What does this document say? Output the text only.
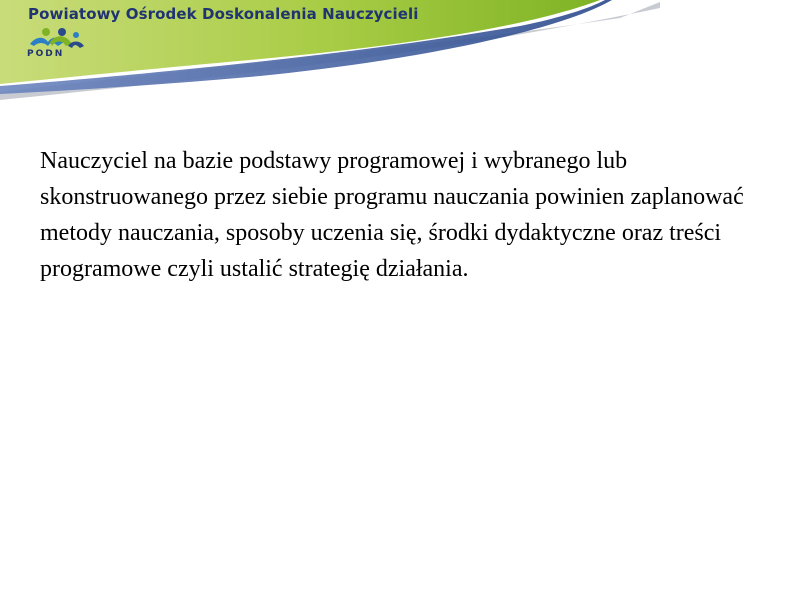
Powiatowy Ośrodek Doskonalenia Nauczycieli
PODN
Nauczyciel na bazie podstawy programowej i wybranego lub skonstruowanego przez siebie programu nauczania powinien zaplanować metody nauczania, sposoby uczenia się, środki dydaktyczne oraz treści programowe czyli ustalić strategię działania.
